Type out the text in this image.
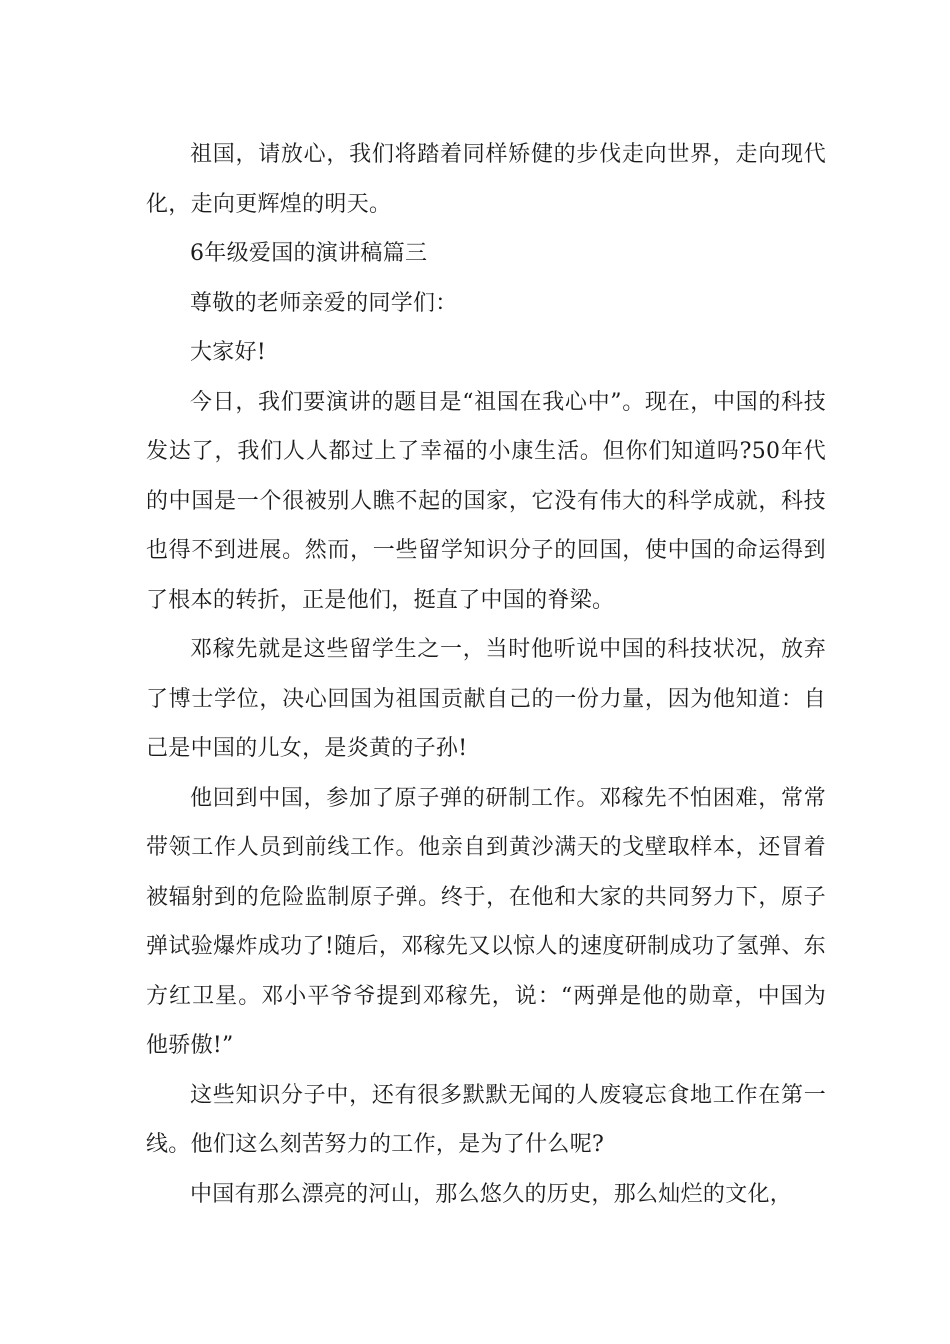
祖国，请放心，我们将踏着同样矫健的步伐走向世界，走向现代化，走向更辉煌的明天。

6年级爱国的演讲稿篇三

尊敬的老师亲爱的同学们：

大家好!

今日，我们要演讲的题目是“祖国在我心中”。现在，中国的科技发达了，我们人人都过上了幸福的小康生活。但你们知道吗?50年代的中国是一个很被别人瞧不起的国家，它没有伟大的科学成就，科技也得不到进展。然而，一些留学知识分子的回国，使中国的命运得到了根本的转折，正是他们，挺直了中国的脊梁。

邓稼先就是这些留学生之一，当时他听说中国的科技状况，放弃了博士学位，决心回国为祖国贡献自己的一份力量，因为他知道：自己是中国的儿女，是炎黄的子孙!

他回到中国，参加了原子弹的研制工作。邓稼先不怕困难，常常带领工作人员到前线工作。他亲自到黄沙满天的戈壁取样本，还冒着被辐射到的危险监制原子弹。终于，在他和大家的共同努力下，原子弹试验爆炸成功了!随后，邓稼先又以惊人的速度研制成功了氢弹、东方红卫星。邓小平爷爷提到邓稼先，说：“两弹是他的勋章，中国为他骄傲!”

这些知识分子中，还有很多默默无闻的人废寝忘食地工作在第一线。他们这么刻苦努力的工作，是为了什么呢?

中国有那么漂亮的河山，那么悠久的历史，那么灿烂的文化，
